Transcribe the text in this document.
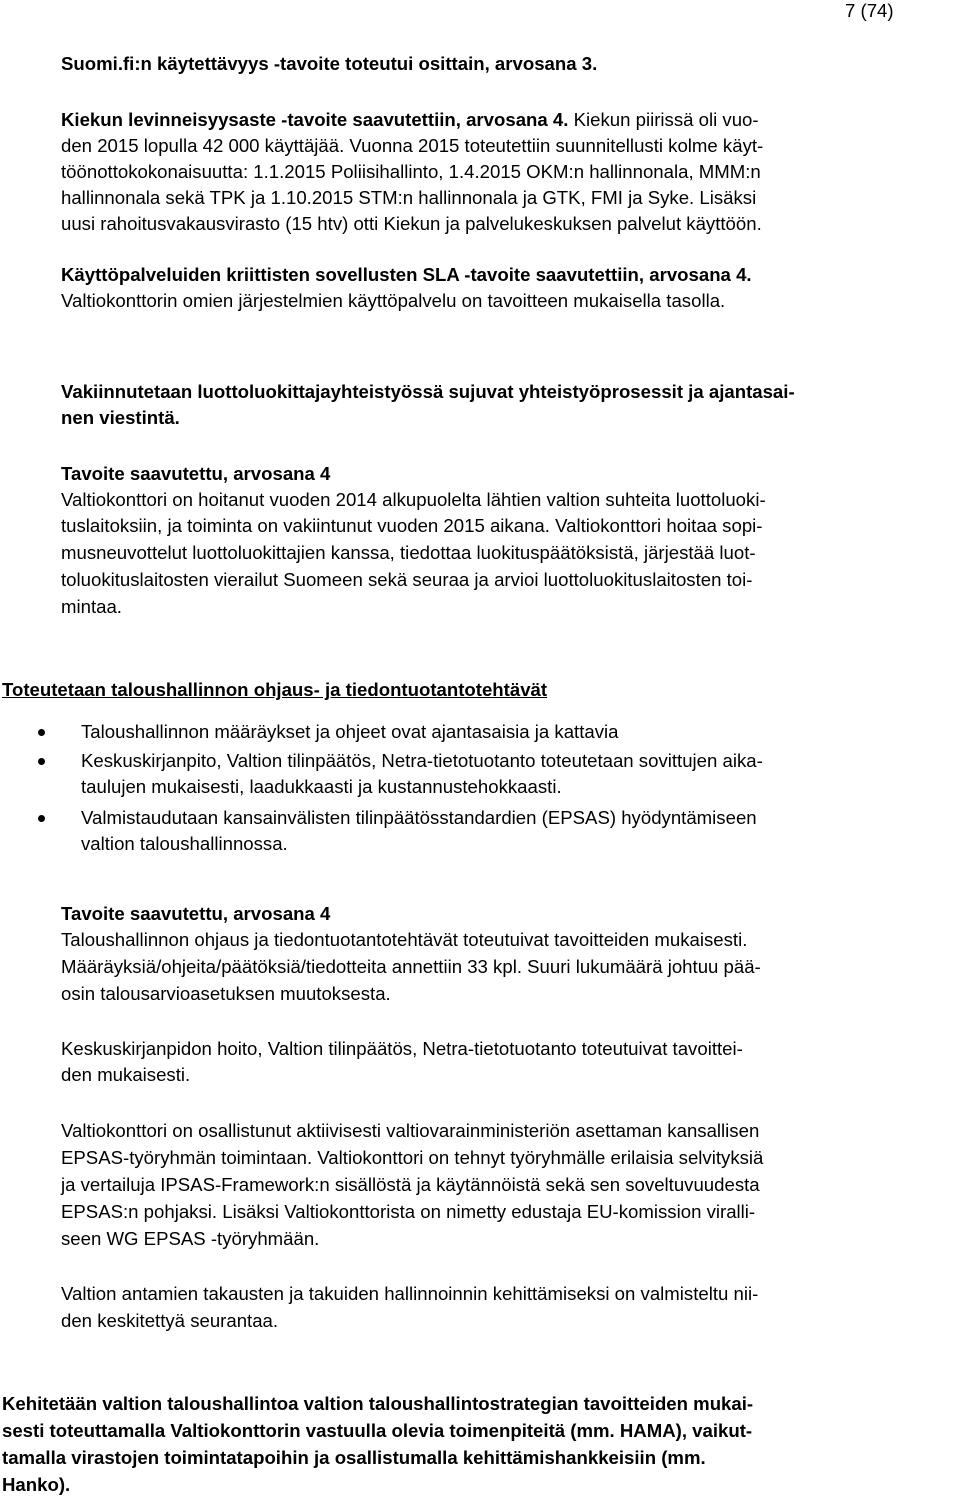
7 (74)
Suomi.fi:n käytettävyys -tavoite toteutui osittain, arvosana 3.
Kiekun levinneisyysaste -tavoite saavutettiin, arvosana 4. Kiekun piirissä oli vuo-
den 2015 lopulla 42 000 käyttäjää. Vuonna 2015 toteutettiin suunnitellusti kolme käyt-
töönottokokonaisuutta: 1.1.2015 Poliisihallinto, 1.4.2015 OKM:n hallinnonala, MMM:n
hallinnonala sekä TPK ja 1.10.2015 STM:n hallinnonala ja GTK, FMI ja Syke. Lisäksi
uusi rahoitusvakausvirasto (15 htv) otti Kiekun ja palvelukeskuksen palvelut käyttöön.
Käyttöpalveluiden kriittisten sovellusten SLA -tavoite saavutettiin, arvosana 4.
Valtiokonttorin omien järjestelmien käyttöpalvelu on tavoitteen mukaisella tasolla.
Vakiinnutetaan luottoluokittajayhteistyössä sujuvat yhteistyöprosessit ja ajantasai-
nen viestintä.
Tavoite saavutettu, arvosana 4
Valtiokonttori on hoitanut vuoden 2014 alkupuolelta lähtien valtion suhteita luottoluoki-
tuslaitoksiin, ja toiminta on vakiintunut vuoden 2015 aikana. Valtiokonttori hoitaa sopi-
musneuvottelut luottoluokittajien kanssa, tiedottaa luokituspäätöksistä, järjestää luot-
toluokituslaitosten vierailut Suomeen sekä seuraa ja arvioi luottoluokituslaitosten toi-
mintaa.
Toteutetaan taloushallinnon ohjaus- ja tiedontuotantotehtävät
Taloushallinnon määräykset ja ohjeet ovat ajantasaisia ja kattavia
Keskuskirjanpito, Valtion tilinpäätös, Netra-tietotuotanto toteutetaan sovittujen aika-
taulujen mukaisesti, laadukkaasti ja kustannustehokkaasti.
Valmistaudutaan kansainvälisten tilinpäätösstandardien (EPSAS) hyödyntämiseen
valtion taloushallinnossa.
Tavoite saavutettu, arvosana 4
Taloushallinnon ohjaus ja tiedontuotantotehtävät toteutuivat tavoitteiden mukaisesti.
Määräyksiä/ohjeita/päätöksiä/tiedotteita annettiin 33 kpl. Suuri lukumäärä johtuu pää-
osin talousarvioasetuksen muutoksesta.
Keskuskirjanpidon hoito, Valtion tilinpäätös, Netra-tietotuotanto toteutuivat tavoittei-
den mukaisesti.
Valtiokonttori on osallistunut aktiivisesti valtiovarainministeriön asettaman kansallisen
EPSAS-työryhmän toimintaan. Valtiokonttori on tehnyt työryhmälle erilaisia selvityksiä
ja vertailuja IPSAS-Framework:n sisällöstä ja käytännöistä sekä sen soveltuvuudesta
EPSAS:n pohjaksi. Lisäksi Valtiokonttorista on nimetty edustaja EU-komission viralli-
seen WG EPSAS -työryhmään.
Valtion antamien takausten ja takuiden hallinnoinnin kehittämiseksi on valmisteltu nii-
den keskitettyä seurantaa.
Kehitetään valtion taloushallintoa valtion taloushallintostrategian tavoitteiden mukai-
sesti toteuttamalla Valtiokonttorin vastuulla olevia toimenpiteitä (mm. HAMA), vaikut-
tamalla virastojen toimintatapoihin ja osallistumalla kehittämishankkeisiin (mm.
Hanko).
